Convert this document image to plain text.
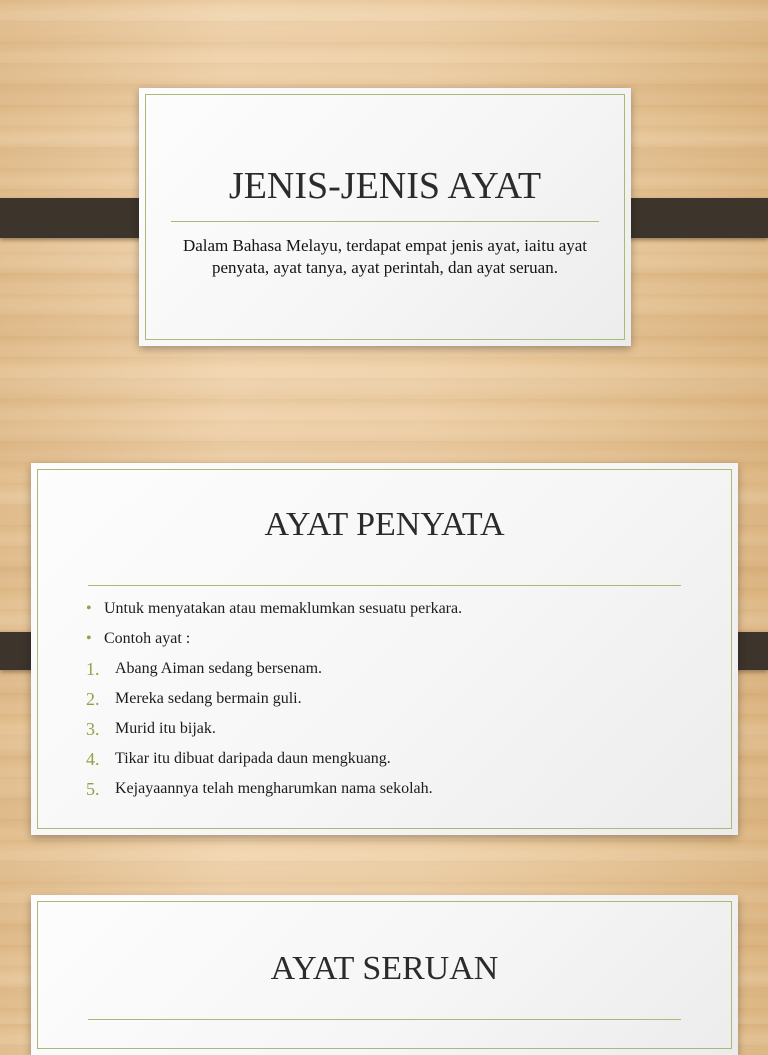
JENIS-JENIS AYAT
Dalam Bahasa Melayu, terdapat empat jenis ayat, iaitu ayat penyata, ayat tanya, ayat perintah, dan ayat seruan.
AYAT PENYATA
• Untuk menyatakan atau memaklumkan sesuatu perkara.
• Contoh ayat :
1. Abang Aiman sedang bersenam.
2. Mereka sedang bermain guli.
3. Murid itu bijak.
4. Tikar itu dibuat daripada daun mengkuang.
5. Kejayaannya telah mengharumkan nama sekolah.
AYAT SERUAN
